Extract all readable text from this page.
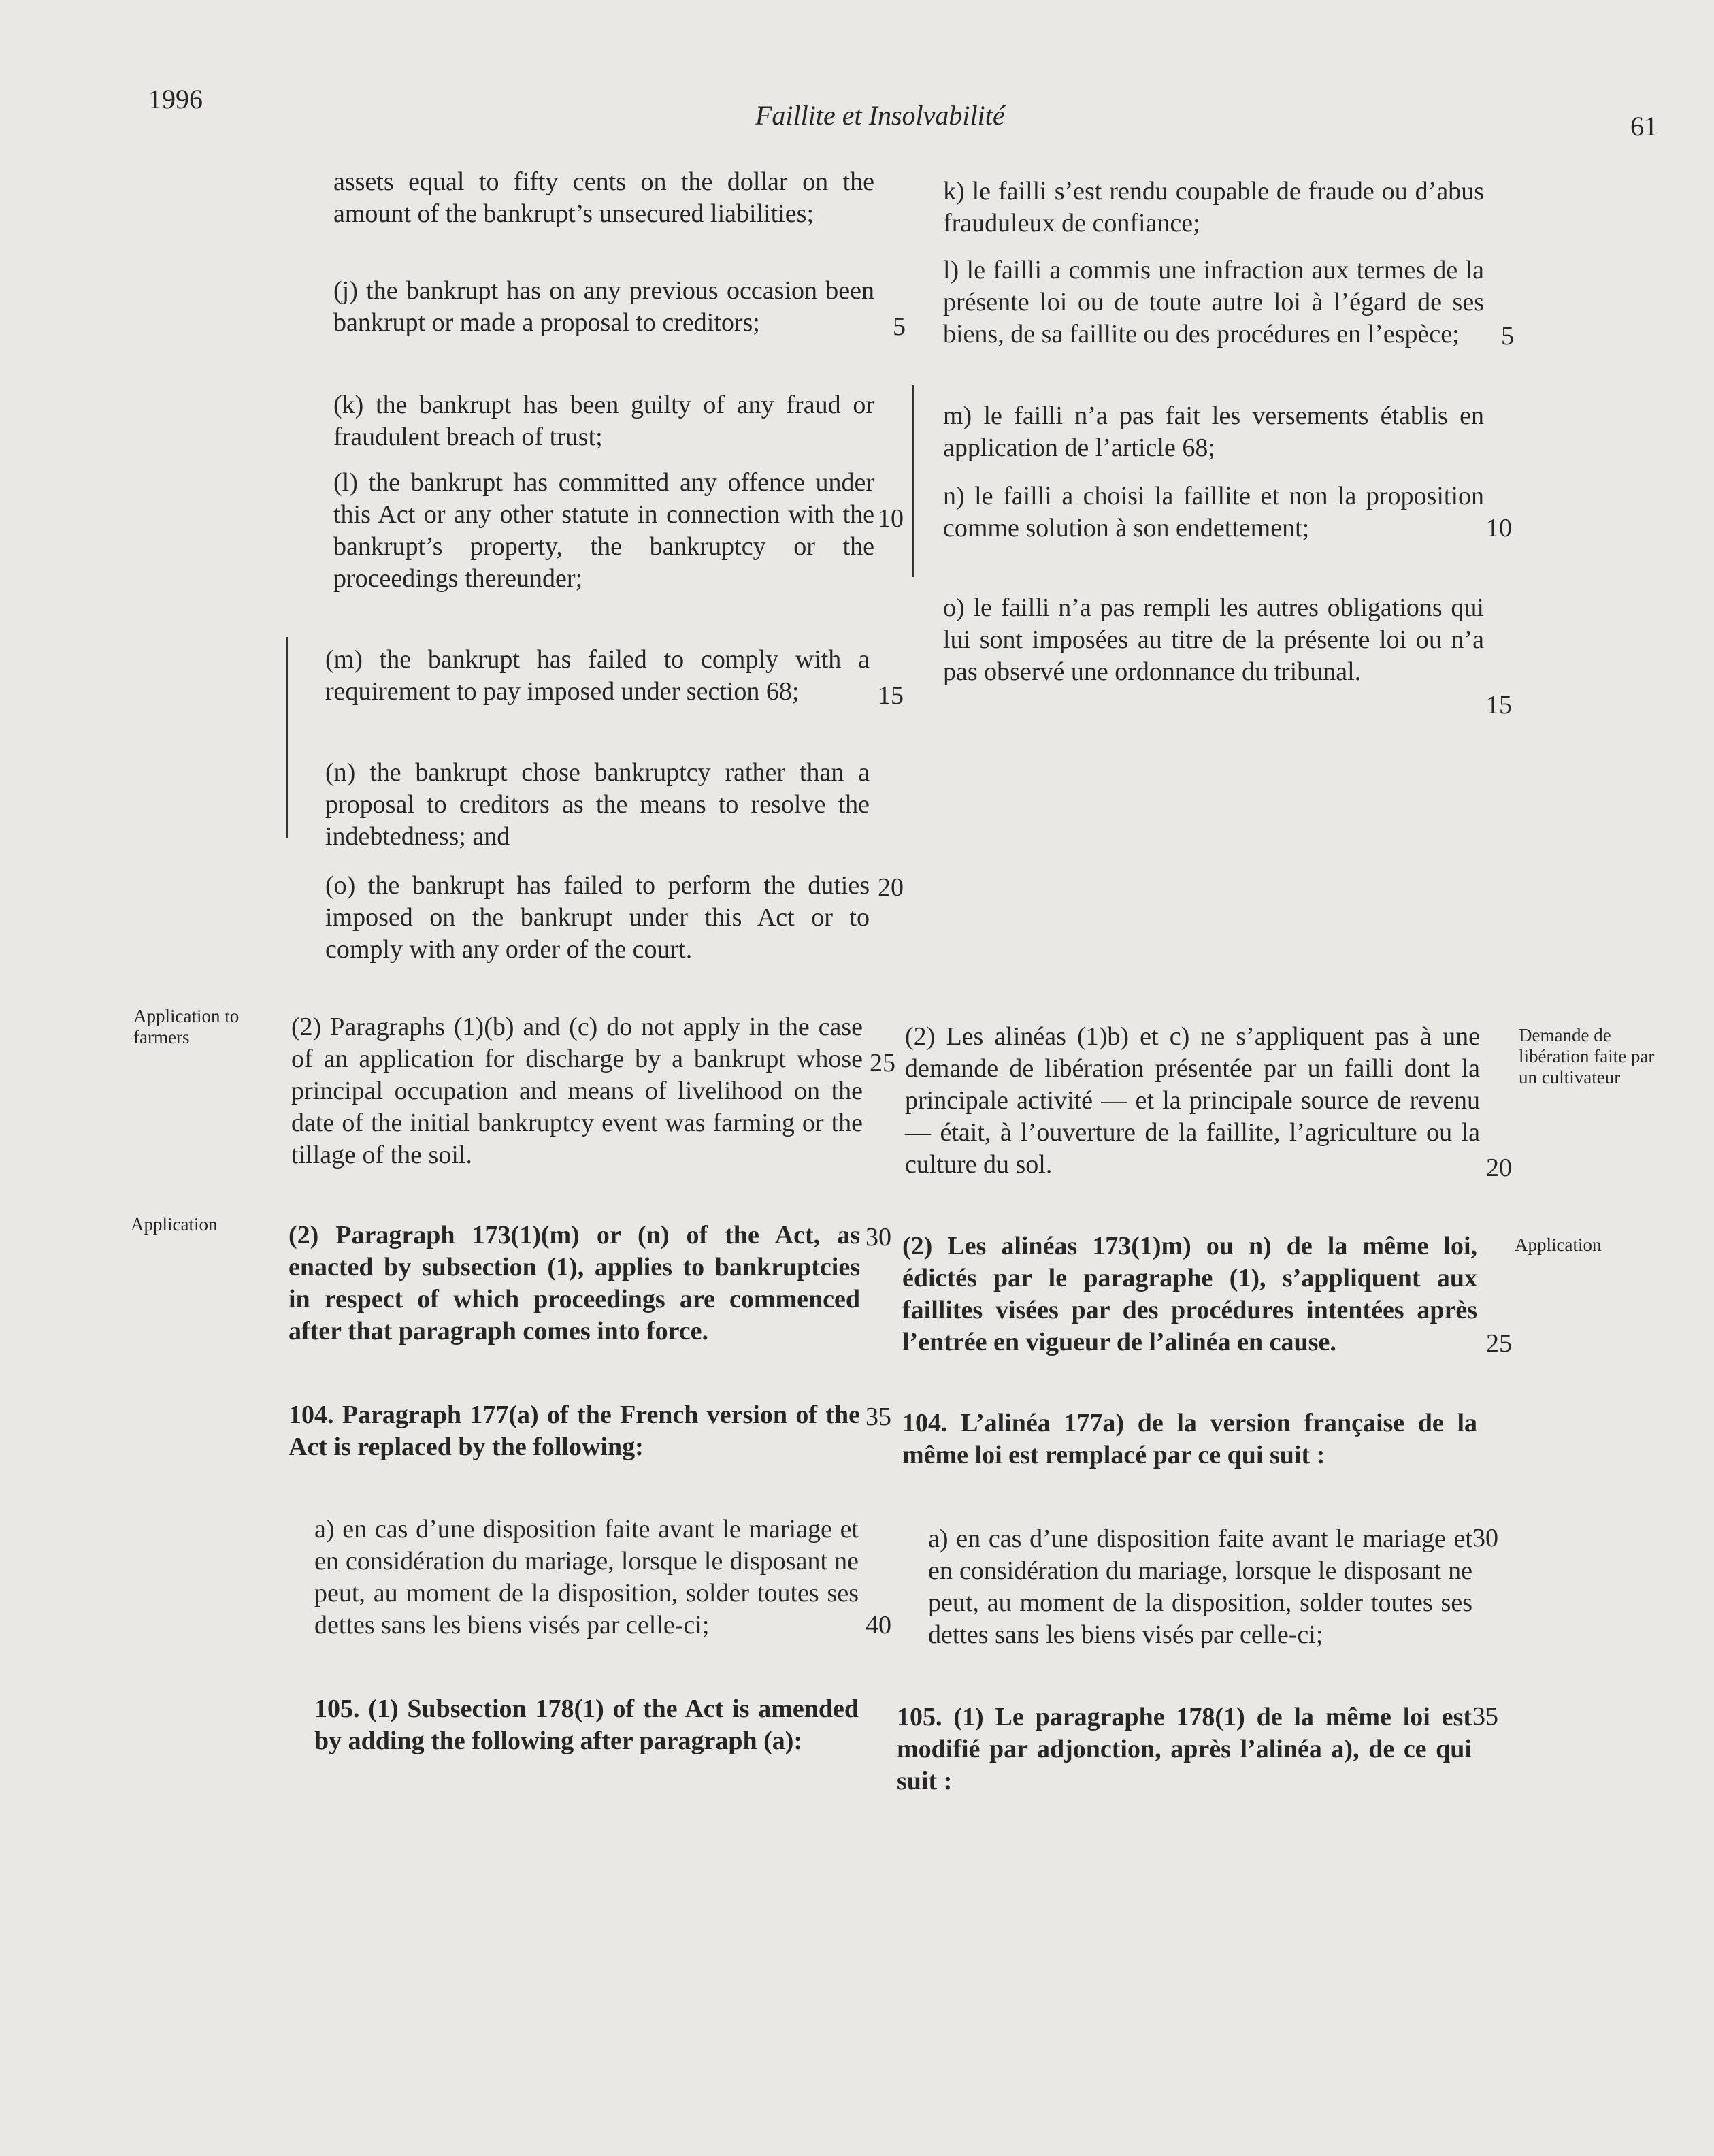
1996
Faillite et Insolvabilité	61
assets equal to fifty cents on the dollar on the amount of the bankrupt’s unsecured liabilities;
(j) the bankrupt has on any previous occasion been bankrupt or made a proposal to creditors;
(k) the bankrupt has been guilty of any fraud or fraudulent breach of trust;
(l) the bankrupt has committed any offence under this Act or any other statute in connection with the bankrupt’s property, the bankruptcy or the proceedings thereunder;
(m) the bankrupt has failed to comply with a requirement to pay imposed under section 68;
(n) the bankrupt chose bankruptcy rather than a proposal to creditors as the means to resolve the indebtedness; and
(o) the bankrupt has failed to perform the duties imposed on the bankrupt under this Act or to comply with any order of the court.
(2) Paragraphs (1)(b) and (c) do not apply in the case of an application for discharge by a bankrupt whose principal occupation and means of livelihood on the date of the initial bankruptcy event was farming or the tillage of the soil.
(2) Paragraph 173(1)(m) or (n) of the Act, as enacted by subsection (1), applies to bankruptcies in respect of which proceedings are commenced after that paragraph comes into force.
104. Paragraph 177(a) of the French version of the Act is replaced by the following:
a) en cas d’une disposition faite avant le mariage et en considération du mariage, lorsque le disposant ne peut, au moment de la disposition, solder toutes ses dettes sans les biens visés par celle-ci;
105. (1) Subsection 178(1) of the Act is amended by adding the following after paragraph (a):
5
10
15
20
25
30
35
40
k) le failli s’est rendu coupable de fraude ou d’abus frauduleux de confiance;
l) le failli a commis une infraction aux termes de la présente loi ou de toute autre loi à l’égard de ses biens, de sa faillite ou des procédures en l’espèce;
m) le failli n’a pas fait les versements établis en application de l’article 68;
n) le failli a choisi la faillite et non la proposition comme solution à son endettement;
o) le failli n’a pas rempli les autres obligations qui lui sont imposées au titre de la présente loi ou n’a pas observé une ordonnance du tribunal.
(2) Les alinéas (1)b) et c) ne s’appliquent pas à une demande de libération présentée par un failli dont la principale activité — et la principale source de revenu — était, à l’ouverture de la faillite, l’agriculture ou la culture du sol.
(2) Les alinéas 173(1)m) ou n) de la même loi, édictés par le paragraphe (1), s’appliquent aux faillites visées par des procédures intentées après l’entrée en vigueur de l’alinéa en cause.
104. L’alinéa 177a) de la version française de la même loi est remplacé par ce qui suit :
a) en cas d’une disposition faite avant le mariage et en considération du mariage, lorsque le disposant ne peut, au moment de la disposition, solder toutes ses dettes sans les biens visés par celle-ci;
105. (1) Le paragraphe 178(1) de la même loi est modifié par adjonction, après l’alinéa a), de ce qui suit :
5
10
15
20
25
30
35
Application to farmers
Application
Demande de libération faite par un cultivateur
Application
